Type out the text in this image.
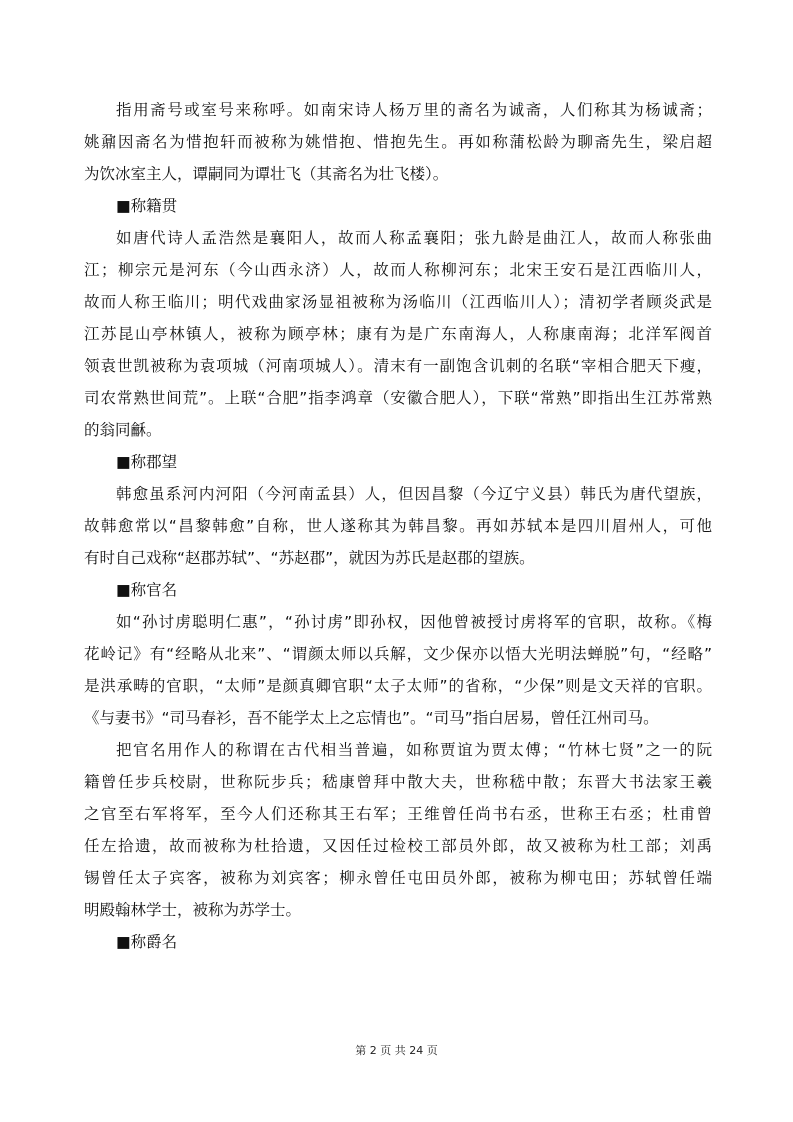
指用斋号或室号来称呼。如南宋诗人杨万里的斋名为诚斋，人们称其为杨诚斋；
姚鼐因斋名为惜抱轩而被称为姚惜抱、惜抱先生。再如称蒲松龄为聊斋先生，梁启超
为饮冰室主人，谭嗣同为谭壮飞（其斋名为壮飞楼）。
■称籍贯
如唐代诗人孟浩然是襄阳人，故而人称孟襄阳；张九龄是曲江人，故而人称张曲
江；柳宗元是河东（今山西永济）人，故而人称柳河东；北宋王安石是江西临川人，
故而人称王临川；明代戏曲家汤显祖被称为汤临川（江西临川人）；清初学者顾炎武是
江苏昆山亭林镇人，被称为顾亭林；康有为是广东南海人，人称康南海；北洋军阀首
领袁世凯被称为袁项城（河南项城人）。清末有一副饱含讥刺的名联“宰相合肥天下瘦，
司农常熟世间荒”。上联“合肥”指李鸿章（安徽合肥人），下联“常熟”即指出生江苏常熟
的翁同龢。
■称郡望
韩愈虽系河内河阳（今河南孟县）人，但因昌黎（今辽宁义县）韩氏为唐代望族，
故韩愈常以“昌黎韩愈”自称，世人遂称其为韩昌黎。再如苏轼本是四川眉州人，可他
有时自己戏称“赵郡苏轼”、“苏赵郡”，就因为苏氏是赵郡的望族。
■称官名
如“孙讨虏聪明仁惠”，“孙讨虏”即孙权，因他曾被授讨虏将军的官职，故称。《梅
花岭记》有“经略从北来”、“谓颜太师以兵解，文少保亦以悟大光明法蝉脱”句，“经略”
是洪承畴的官职，“太师”是颜真卿官职“太子太师”的省称，“少保”则是文天祥的官职。
《与妻书》“司马春衫，吾不能学太上之忘情也”。“司马”指白居易，曾任江州司马。
把官名用作人的称谓在古代相当普遍，如称贾谊为贾太傅；“竹林七贤”之一的阮
籍曾任步兵校尉，世称阮步兵；嵇康曾拜中散大夫，世称嵇中散；东晋大书法家王羲
之官至右军将军，至今人们还称其王右军；王维曾任尚书右丞，世称王右丞；杜甫曾
任左拾遗，故而被称为杜拾遗，又因任过检校工部员外郎，故又被称为杜工部；刘禹
锡曾任太子宾客，被称为刘宾客；柳永曾任屯田员外郎，被称为柳屯田；苏轼曾任端
明殿翰林学士，被称为苏学士。
■称爵名
第 2 页 共 24 页
